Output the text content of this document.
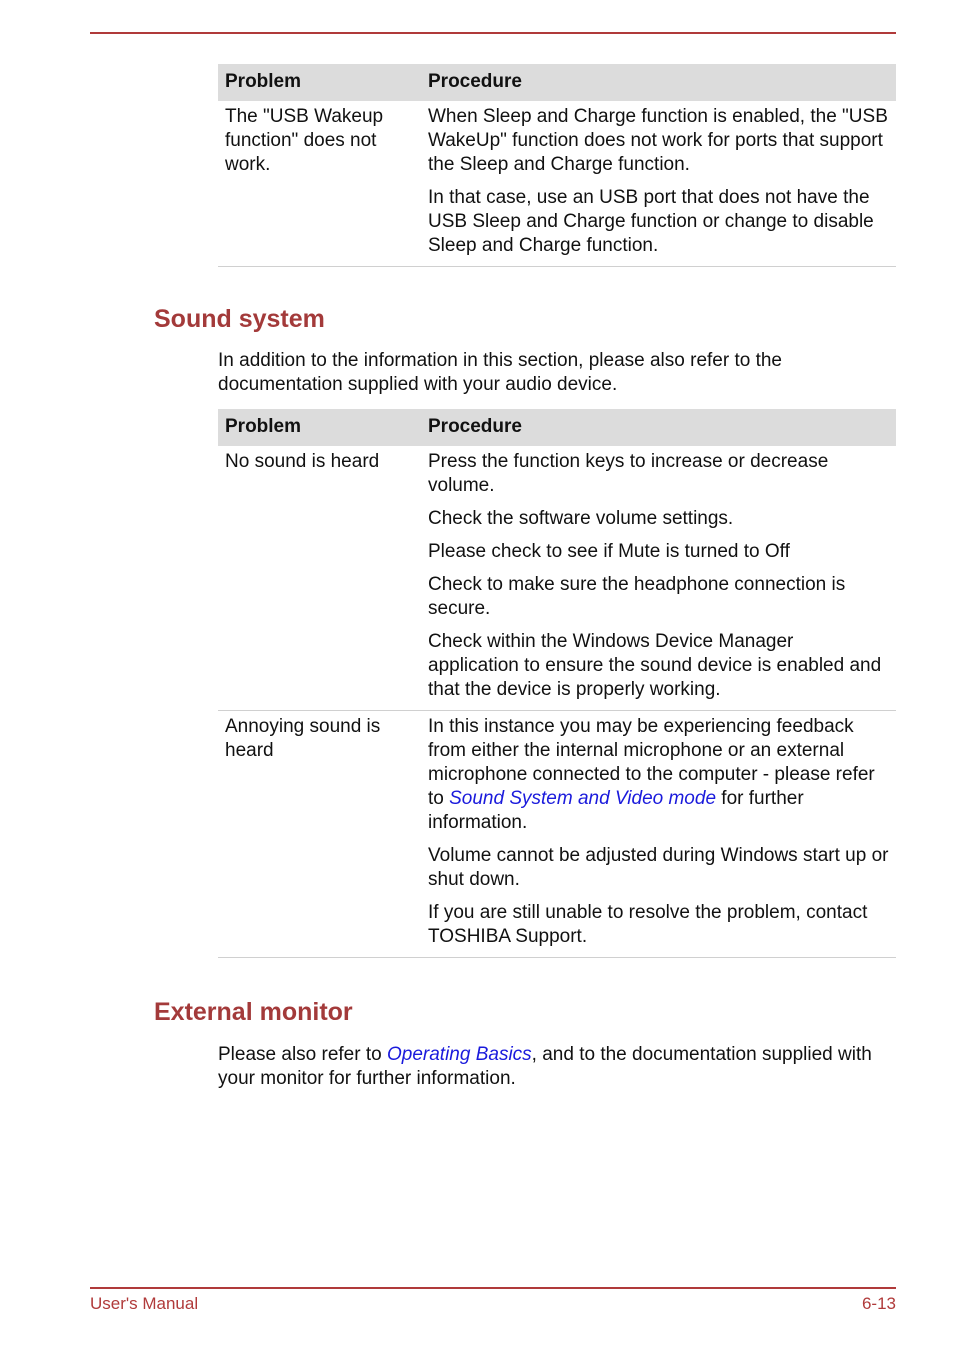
Problem	Procedure
The "USB Wakeup function" does not work.	When Sleep and Charge function is enabled, the "USB WakeUp" function does not work for ports that support the Sleep and Charge function.

In that case, use an USB port that does not have the USB Sleep and Charge function or change to disable Sleep and Charge function.

Sound system

In addition to the information in this section, please also refer to the documentation supplied with your audio device.

Problem	Procedure
No sound is heard	Press the function keys to increase or decrease volume.

Check the software volume settings.

Please check to see if Mute is turned to Off

Check to make sure the headphone connection is secure.

Check within the Windows Device Manager application to ensure the sound device is enabled and that the device is properly working.

Annoying sound is heard	In this instance you may be experiencing feedback from either the internal microphone or an external microphone connected to the computer - please refer to Sound System and Video mode for further information.

Volume cannot be adjusted during Windows start up or shut down.

If you are still unable to resolve the problem, contact TOSHIBA Support.

External monitor

Please also refer to Operating Basics, and to the documentation supplied with your monitor for further information.

User's Manual	6-13
